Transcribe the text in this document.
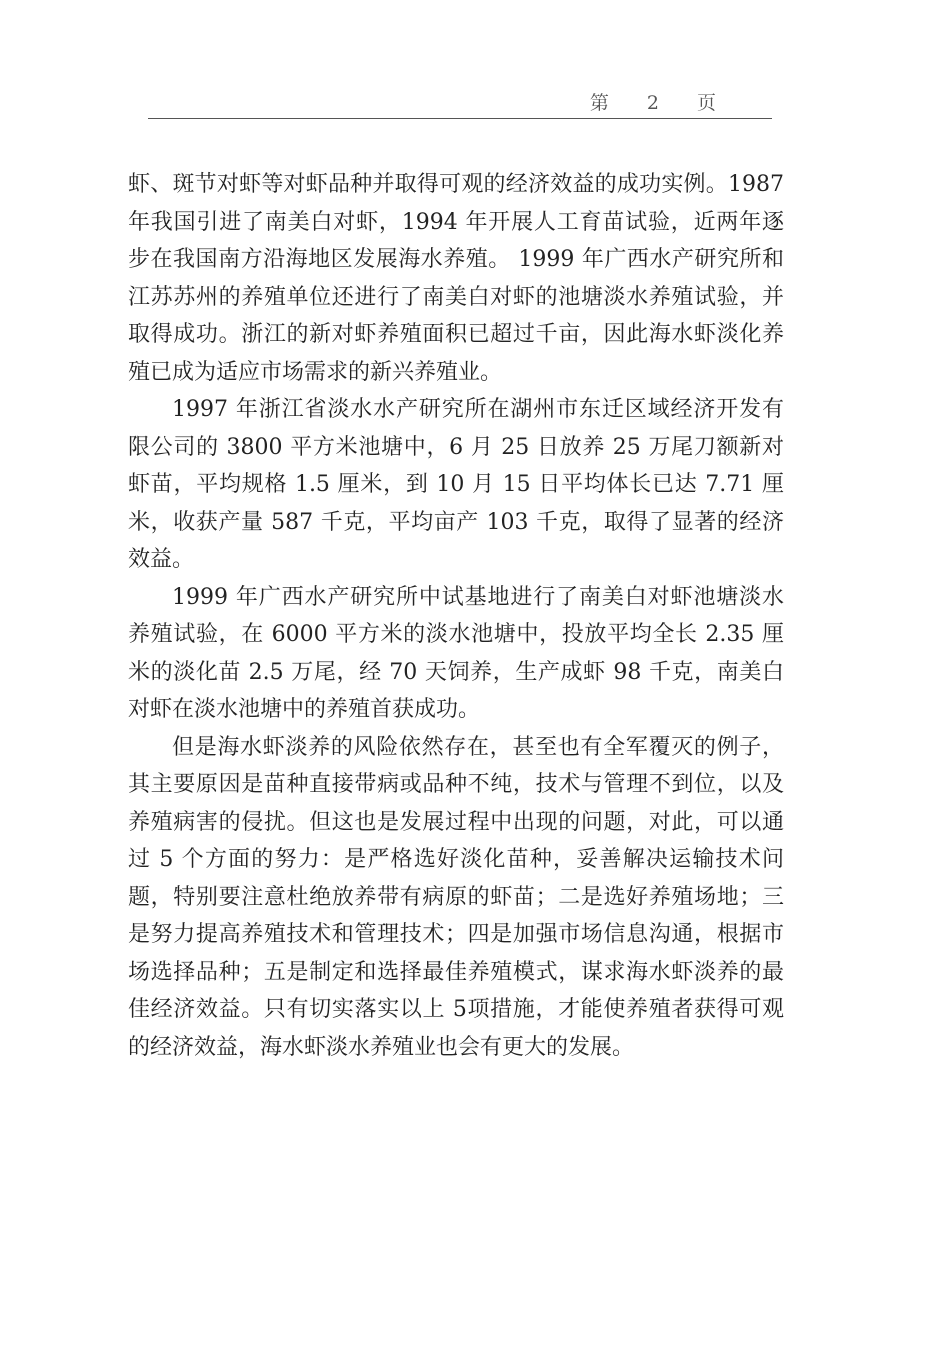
第 2 页

虾、斑节对虾等对虾品种并取得可观的经济效益的成功实例。1987 年我国引进了南美白对虾，1994 年开展人工育苗试验，近两年逐步在我国南方沿海地区发展海水养殖。 1999 年广西水产研究所和江苏苏州的养殖单位还进行了南美白对虾的池塘淡水养殖试验，并取得成功。浙江的新对虾养殖面积已超过千亩，因此海水虾淡化养殖已成为适应市场需求的新兴养殖业。

1997 年浙江省淡水水产研究所在湖州市东迁区域经济开发有限公司的 3800 平方米池塘中，6 月 25 日放养 25 万尾刀额新对虾苗，平均规格 1.5 厘米，到 10 月 15 日平均体长已达 7.71 厘米，收获产量 587 千克，平均亩产 103 千克，取得了显著的经济效益。

1999 年广西水产研究所中试基地进行了南美白对虾池塘淡水养殖试验，在 6000 平方米的淡水池塘中，投放平均全长 2.35 厘米的淡化苗 2.5 万尾，经 70 天饲养，生产成虾 98 千克，南美白对虾在淡水池塘中的养殖首获成功。

但是海水虾淡养的风险依然存在，甚至也有全军覆灭的例子，其主要原因是苗种直接带病或品种不纯，技术与管理不到位，以及养殖病害的侵扰。但这也是发展过程中出现的问题，对此，可以通过 5 个方面的努力：是严格选好淡化苗种，妥善解决运输技术问题，特别要注意杜绝放养带有病原的虾苗；二是选好养殖场地；三是努力提高养殖技术和管理技术；四是加强市场信息沟通，根据市场选择品种；五是制定和选择最佳养殖模式，谋求海水虾淡养的最佳经济效益。只有切实落实以上 5项措施，才能使养殖者获得可观的经济效益，海水虾淡水养殖业也会有更大的发展。
